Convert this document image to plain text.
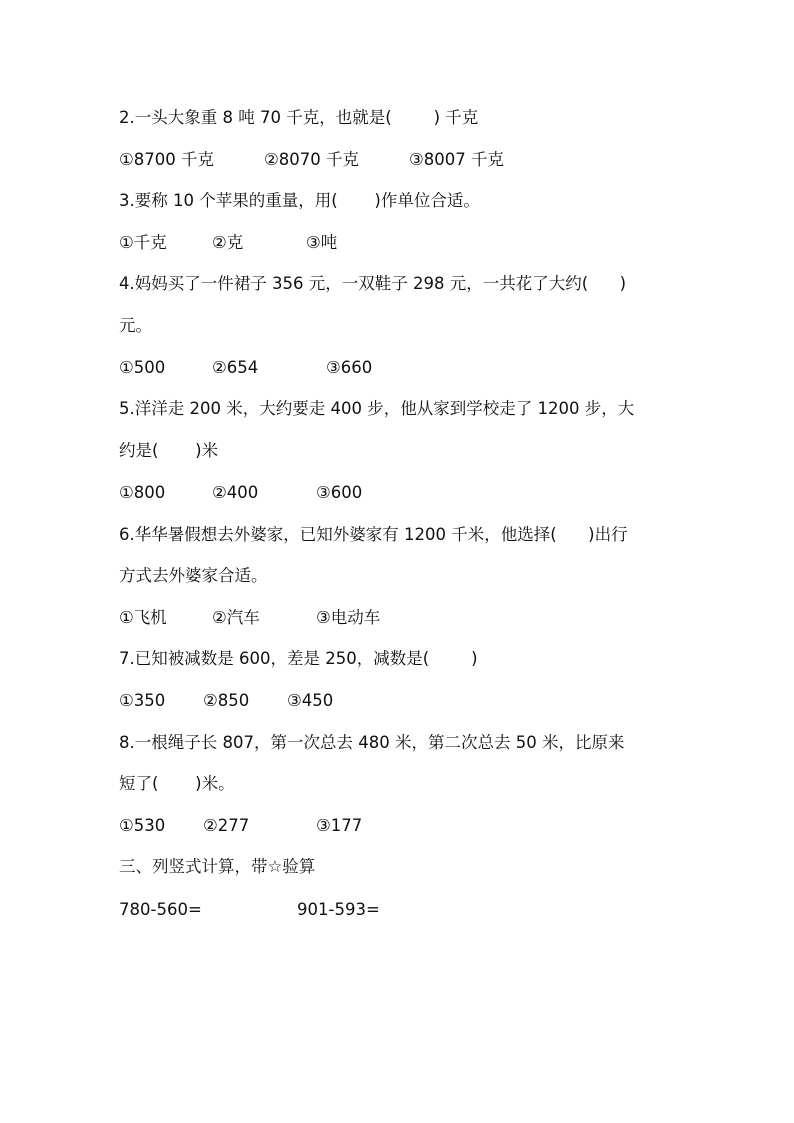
2.一头大象重 8 吨 70 千克，也就是(        ) 千克

①8700 千克

	②8070 千克

	③8007 千克

3.要称 10 个苹果的重量，用(       )作单位合适。

①千克

	②克

	③吨

4.妈妈买了一件裙子 356 元，一双鞋子 298 元，一共花了大约(      )
元。

①500

	②654

	③660

5.洋洋走 200 米，大约要走 400 步，他从家到学校走了 1200 步，大
约是(       )米

①800

	②400

	③600

6.华华暑假想去外婆家，已知外婆家有 1200 千米，他选择(      )出行
方式去外婆家合适。

①飞机

	②汽车

	③电动车

7.已知被减数是 600，差是 250，减数是(        )

①350

②850

③450

8.一根绳子长 807，第一次总去 480 米，第二次总去 50 米，比原来
短了(       )米。

①530

②277

	③177

三、列竖式计算，带☆验算

780-560=

	901-593=
